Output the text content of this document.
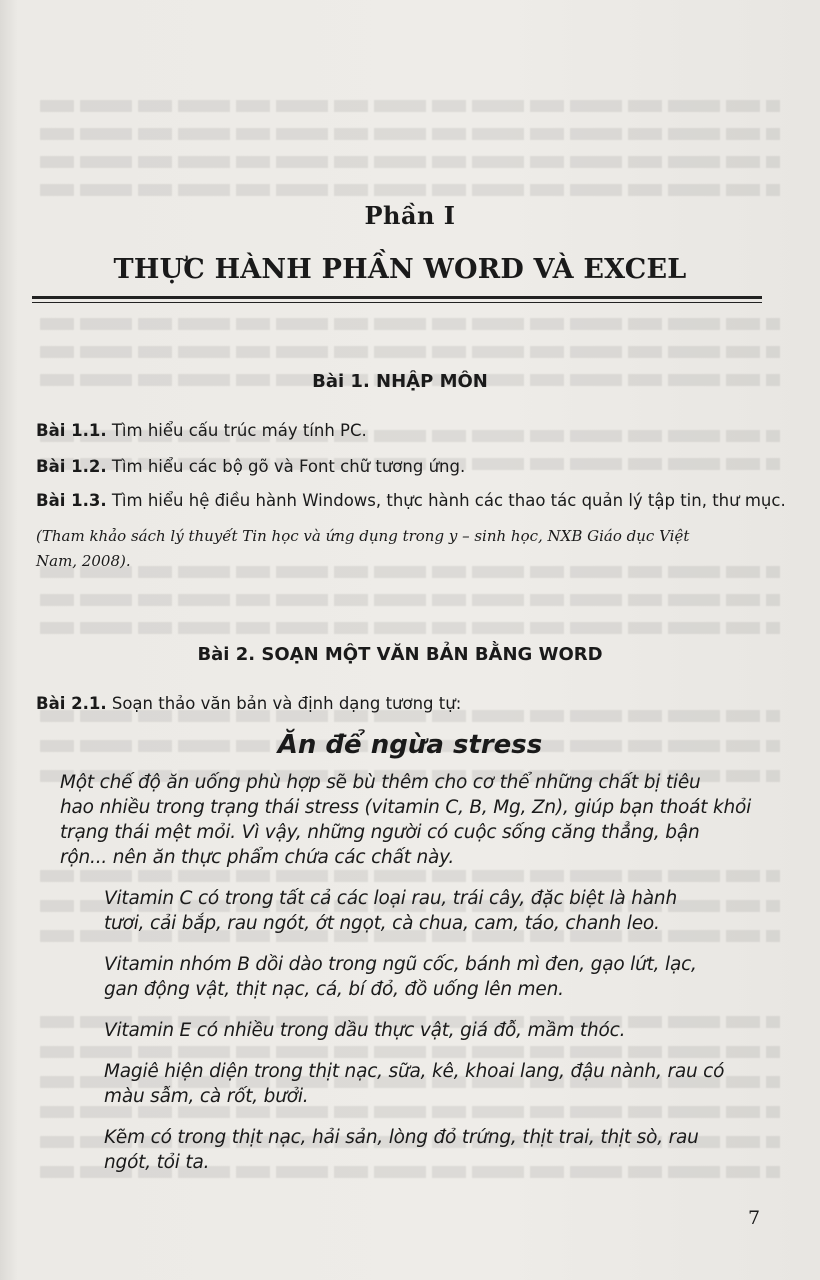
Phần I
THỰC HÀNH PHẦN WORD VÀ EXCEL
Bài 1. NHẬP MÔN
Bài 1.1. Tìm hiểu cấu trúc máy tính PC.
Bài 1.2. Tìm hiểu các bộ gõ và Font chữ tương ứng.
Bài 1.3. Tìm hiểu hệ điều hành Windows, thực hành các thao tác quản lý tập tin, thư mục.
(Tham khảo sách lý thuyết Tin học và ứng dụng trong y – sinh học, NXB Giáo dục Việt
Nam, 2008).
Bài 2. SOẠN MỘT VĂN BẢN BẰNG WORD
Bài 2.1. Soạn thảo văn bản và định dạng tương tự:
Ăn để ngừa stress
Một chế độ ăn uống phù hợp sẽ bù thêm cho cơ thể những chất bị tiêu
hao nhiều trong trạng thái stress (vitamin C, B, Mg, Zn), giúp bạn thoát khỏi
trạng thái mệt mỏi. Vì vậy, những người có cuộc sống căng thẳng, bận
rộn... nên ăn thực phẩm chứa các chất này.
Vitamin C có trong tất cả các loại rau, trái cây, đặc biệt là hành
tươi, cải bắp, rau ngót, ớt ngọt, cà chua, cam, táo, chanh leo.
Vitamin nhóm B dồi dào trong ngũ cốc, bánh mì đen, gạo lứt, lạc,
gan động vật, thịt nạc, cá, bí đỏ, đồ uống lên men.
Vitamin E có nhiều trong dầu thực vật, giá đỗ, mầm thóc.
Magiê hiện diện trong thịt nạc, sữa, kê, khoai lang, đậu nành, rau có
màu sẫm, cà rốt, bưởi.
Kẽm có trong thịt nạc, hải sản, lòng đỏ trứng, thịt trai, thịt sò, rau
ngót, tỏi ta.
7
